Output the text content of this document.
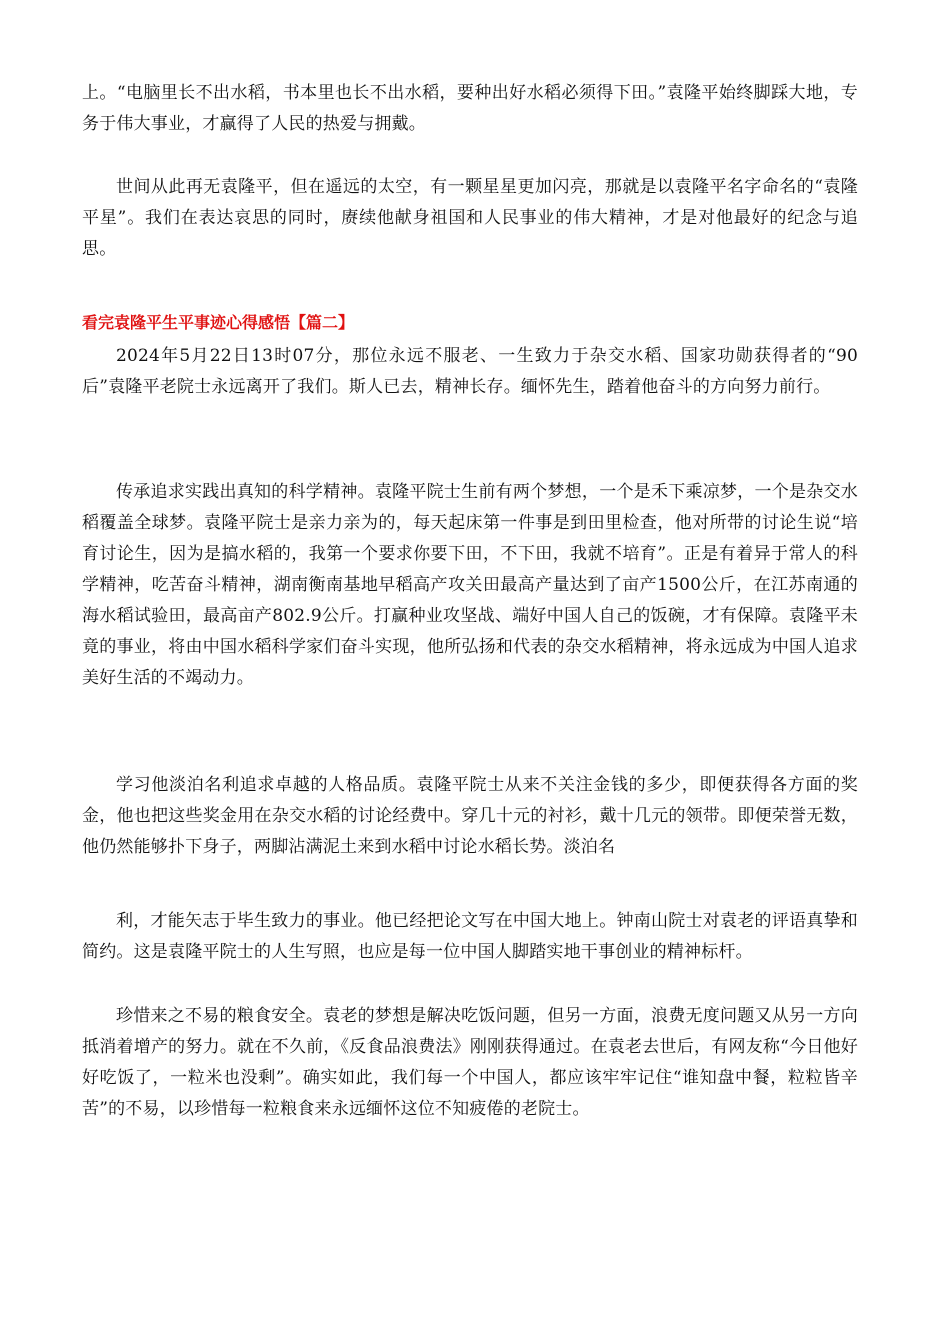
上。“电脑里长不出水稻，书本里也长不出水稻，要种出好水稻必须得下田。”袁隆平始终脚踩大地，专务于伟大事业，才赢得了人民的热爱与拥戴。

世间从此再无袁隆平，但在遥远的太空，有一颗星星更加闪亮，那就是以袁隆平名字命名的“袁隆平星”。我们在表达哀思的同时，赓续他献身祖国和人民事业的伟大精神，才是对他最好的纪念与追思。

看完袁隆平生平事迹心得感悟【篇二】

2024年5月22日13时07分，那位永远不服老、一生致力于杂交水稻、国家功勋获得者的“90后”袁隆平老院士永远离开了我们。斯人已去，精神长存。缅怀先生，踏着他奋斗的方向努力前行。

传承追求实践出真知的科学精神。袁隆平院士生前有两个梦想，一个是禾下乘凉梦，一个是杂交水稻覆盖全球梦。袁隆平院士是亲力亲为的，每天起床第一件事是到田里检查，他对所带的讨论生说“培育讨论生，因为是搞水稻的，我第一个要求你要下田，不下田，我就不培育”。正是有着异于常人的科学精神，吃苦奋斗精神，湖南衡南基地早稻高产攻关田最高产量达到了亩产1500公斤，在江苏南通的海水稻试验田，最高亩产802.9公斤。打赢种业攻坚战、端好中国人自己的饭碗，才有保障。袁隆平未竟的事业，将由中国水稻科学家们奋斗实现，他所弘扬和代表的杂交水稻精神，将永远成为中国人追求美好生活的不竭动力。

学习他淡泊名利追求卓越的人格品质。袁隆平院士从来不关注金钱的多少，即便获得各方面的奖金，他也把这些奖金用在杂交水稻的讨论经费中。穿几十元的衬衫，戴十几元的领带。即便荣誉无数，他仍然能够扑下身子，两脚沾满泥土来到水稻中讨论水稻长势。淡泊名

利，才能矢志于毕生致力的事业。他已经把论文写在中国大地上。钟南山院士对袁老的评语真挚和简约。这是袁隆平院士的人生写照，也应是每一位中国人脚踏实地干事创业的精神标杆。

珍惜来之不易的粮食安全。袁老的梦想是解决吃饭问题，但另一方面，浪费无度问题又从另一方向抵消着增产的努力。就在不久前，《反食品浪费法》刚刚获得通过。在袁老去世后，有网友称“今日他好好吃饭了，一粒米也没剩”。确实如此，我们每一个中国人，都应该牢牢记住“谁知盘中餐，粒粒皆辛苦”的不易，以珍惜每一粒粮食来永远缅怀这位不知疲倦的老院士。
